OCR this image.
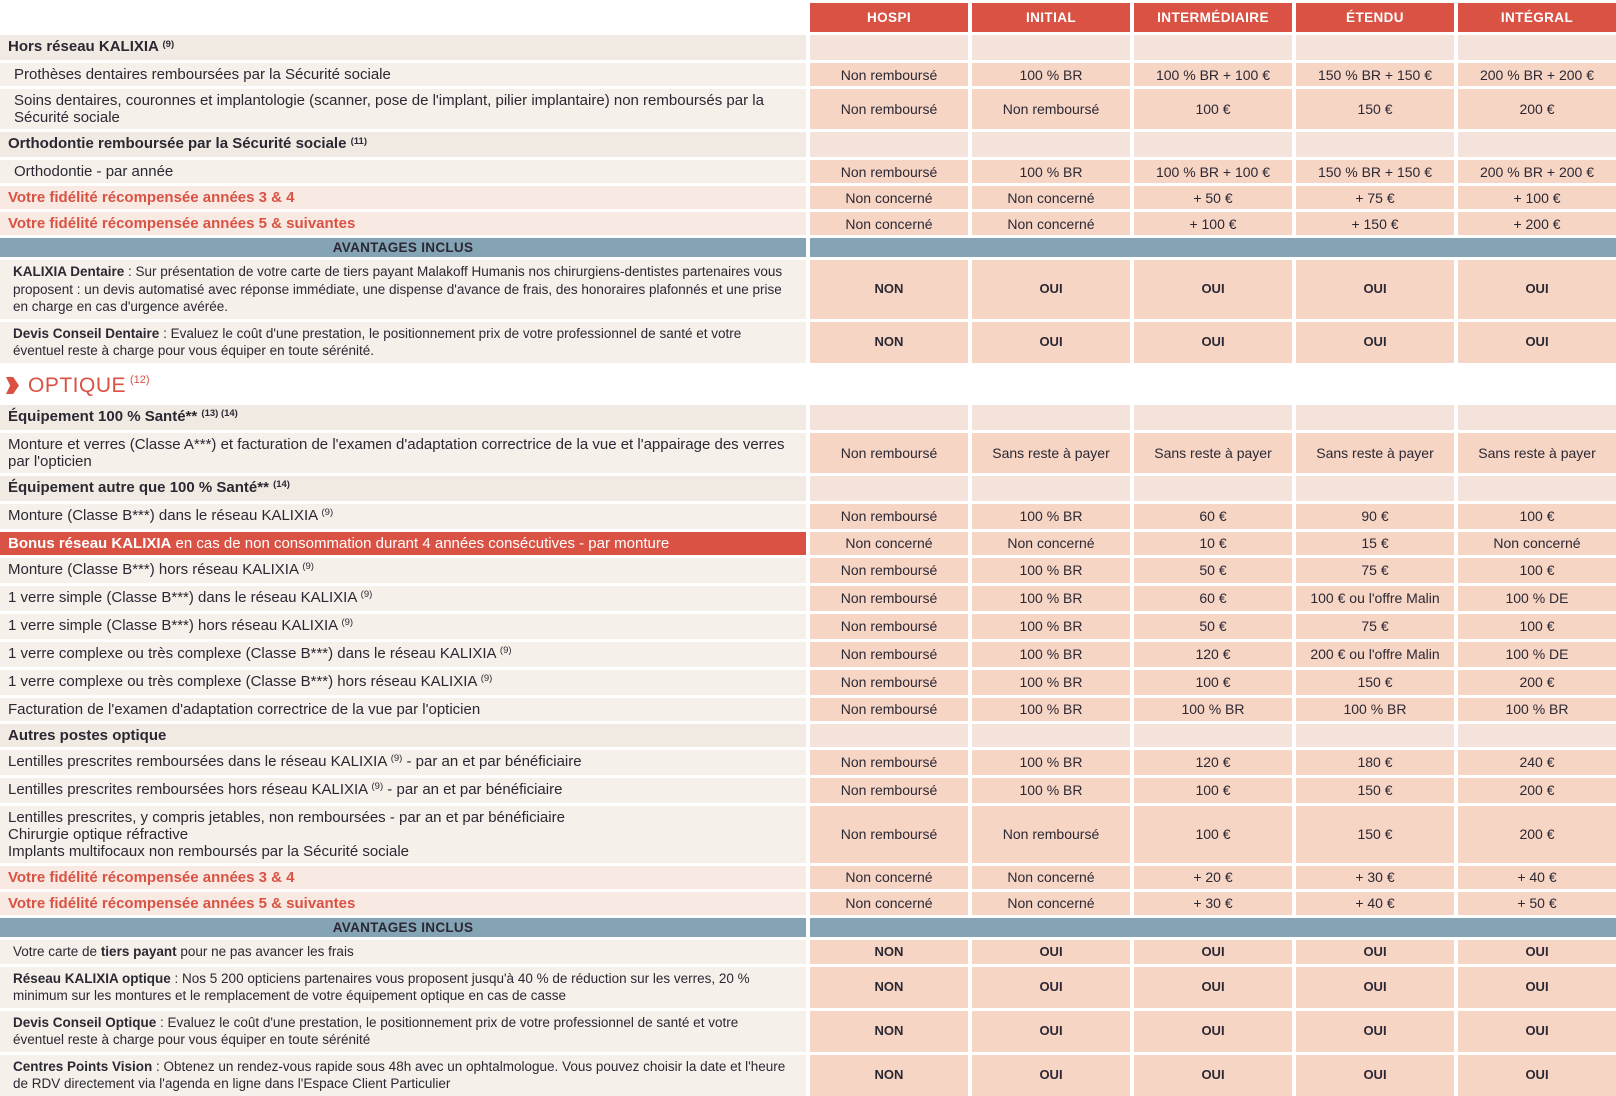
HOSPI	INITIAL	INTERMÉDIAIRE	ÉTENDU	INTÉGRAL
Hors réseau KALIXIA $^{(9)}$
Prothèses dentaires remboursées par la Sécurité sociale	Non remboursé	100 % BR	100 % BR + 100 €	150 % BR + 150 €	200 % BR + 200 €
Soins dentaires, couronnes et implantologie (scanner, pose de l'implant, pilier implantaire) non remboursés par la Sécurité sociale	Non remboursé	Non remboursé	100 €	150 €	200 €
Orthodontie remboursée par la Sécurité sociale $^{(11)}$
Orthodontie - par année	Non remboursé	100 % BR	100 % BR + 100 €	150 % BR + 150 €	200 % BR + 200 €
Votre fidélité récompensée années 3 & 4	Non concerné	Non concerné	+ 50 €	+ 75 €	+ 100 €
Votre fidélité récompensée années 5 & suivantes	Non concerné	Non concerné	+ 100 €	+ 150 €	+ 200 €
AVANTAGES INCLUS
KALIXIA Dentaire : Sur présentation de votre carte de tiers payant Malakoff Humanis nos chirurgiens-dentistes partenaires vous proposent : un devis automatisé avec réponse immédiate, une dispense d'avance de frais, des honoraires plafonnés et une prise en charge en cas d'urgence avérée.
NON	OUI	OUI	OUI	OUI
Devis Conseil Dentaire : Evaluez le coût d'une prestation, le positionnement prix de votre professionnel de santé et votre éventuel reste à charge pour vous équiper en toute sérénité.
NON	OUI	OUI	OUI	OUI
OPTIQUE (12)
Équipement 100 % Santé** $^{(13) (14)}$
Monture et verres (Classe A***) et facturation de l'examen d'adaptation correctrice de la vue et l'appairage des verres par l'opticien	Non remboursé	Sans reste à payer	Sans reste à payer	Sans reste à payer	Sans reste à payer
Équipement autre que 100 % Santé** $^{(14)}$
Monture (Classe B***) dans le réseau KALIXIA $^{(9)}$	Non remboursé	100 % BR	60 €	90 €	100 €
Bonus réseau KALIXIA en cas de non consommation durant 4 années consécutives - par monture	Non concerné	Non concerné	10 €	15 €	Non concerné
Monture (Classe B***) hors réseau KALIXIA $^{(9)}$	Non remboursé	100 % BR	50 €	75 €	100 €
1 verre simple (Classe B***) dans le réseau KALIXIA $^{(9)}$	Non remboursé	100 % BR	60 €	100 € ou l'offre Malin	100 % DE
1 verre simple (Classe B***) hors réseau KALIXIA $^{(9)}$	Non remboursé	100 % BR	50 €	75 €	100 €
1 verre complexe ou très complexe (Classe B***) dans le réseau KALIXIA $^{(9)}$	Non remboursé	100 % BR	120 €	200 € ou l'offre Malin	100 % DE
1 verre complexe ou très complexe (Classe B***) hors réseau KALIXIA $^{(9)}$	Non remboursé	100 % BR	100 €	150 €	200 €
Facturation de l'examen d'adaptation correctrice de la vue par l'opticien	Non remboursé	100 % BR	100 % BR	100 % BR	100 % BR
Autres postes optique
Lentilles prescrites remboursées dans le réseau KALIXIA $^{(9)}$ - par an et par bénéficiaire	Non remboursé	100 % BR	120 €	180 €	240 €
Lentilles prescrites remboursées hors réseau KALIXIA $^{(9)}$ - par an et par bénéficiaire	Non remboursé	100 % BR	100 €	150 €	200 €
Lentilles prescrites, y compris jetables, non remboursées - par an et par bénéficiaire
Chirurgie optique réfractive
Implants multifocaux non remboursés par la Sécurité sociale
Non remboursé	Non remboursé	100 €	150 €	200 €
Votre fidélité récompensée années 3 & 4	Non concerné	Non concerné	+ 20 €	+ 30 €	+ 40 €
Votre fidélité récompensée années 5 & suivantes	Non concerné	Non concerné	+ 30 €	+ 40 €	+ 50 €
AVANTAGES INCLUS
Votre carte de tiers payant pour ne pas avancer les frais	NON	OUI	OUI	OUI	OUI
Réseau KALIXIA optique : Nos 5 200 opticiens partenaires vous proposent jusqu'à 40 % de réduction sur les verres, 20 % minimum sur les montures et le remplacement de votre équipement optique en cas de casse
NON	OUI	OUI	OUI	OUI
Devis Conseil Optique : Evaluez le coût d'une prestation, le positionnement prix de votre professionnel de santé et votre éventuel reste à charge pour vous équiper en toute sérénité
NON	OUI	OUI	OUI	OUI
Centres Points Vision : Obtenez un rendez-vous rapide sous 48h avec un ophtalmologue. Vous pouvez choisir la date et l'heure de RDV directement via l'agenda en ligne dans l'Espace Client Particulier
NON	OUI	OUI	OUI	OUI
